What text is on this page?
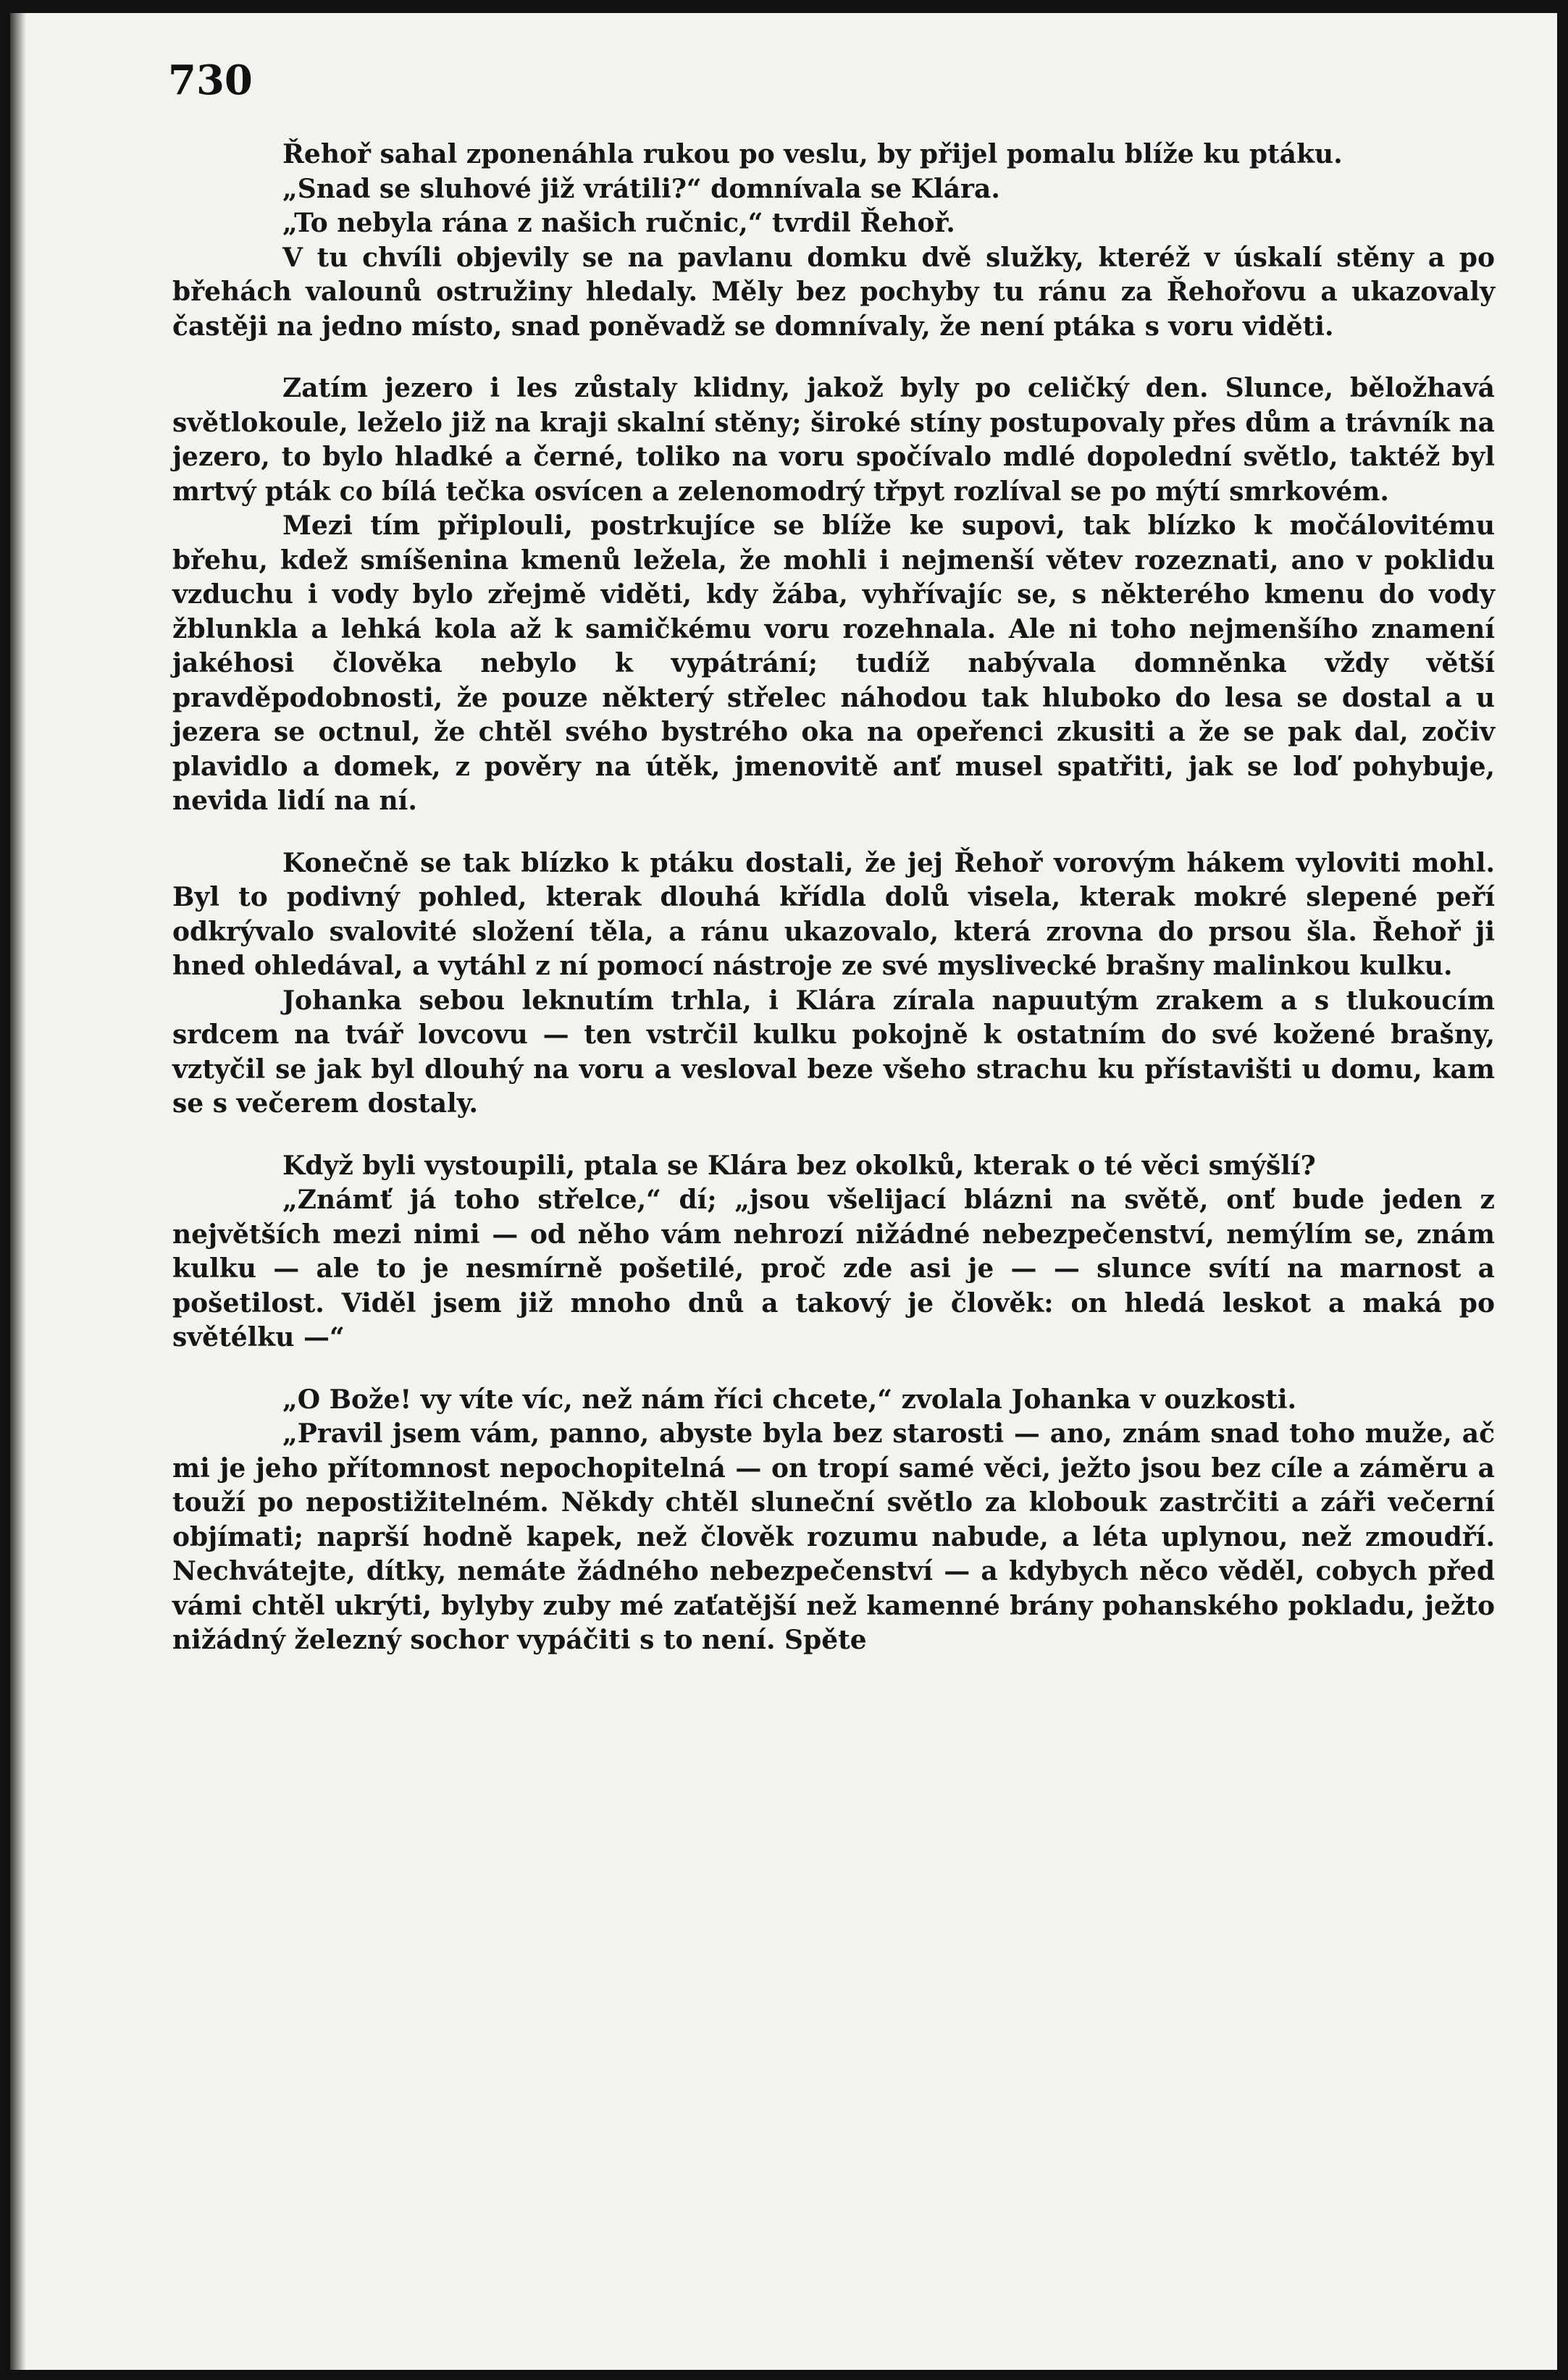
730

Řehoř sahal zponenáhla rukou po veslu, by přijel pomalu blíže ku ptáku.

„Snad se sluhové již vrátili?“ domnívala se Klára.

„To nebyla rána z našich ručnic,“ tvrdil Řehoř.

V tu chvíli objevily se na pavlanu domku dvě služky, kteréž v úskalí stěny a po břehách valounů ostružiny hledaly. Měly bez pochyby tu ránu za Řehořovu a ukazovaly častěji na jedno místo, snad poněvadž se domnívaly, že není ptáka s voru viděti.

Zatím jezero i les zůstaly klidny, jakož byly po celičký den. Slunce, běložhavá světlokoule, leželo již na kraji skalní stěny; široké stíny postupovaly přes dům a trávník na jezero, to bylo hladké a černé, toliko na voru spočívalo mdlé dopolední světlo, taktéž byl mrtvý pták co bílá tečka osvícen a zelenomodrý třpyt rozlíval se po mýtí smrkovém.

Mezi tím připlouli, postrkujíce se blíže ke supovi, tak blízko k močálovitému břehu, kdež smíšenina kmenů ležela, že mohli i nejmenší větev rozeznati, ano v poklidu vzduchu i vody bylo zřejmě viděti, kdy žába, vyhřívajíc se, s některého kmenu do vody žblunkla a lehká kola až k samičkému voru rozehnala. Ale ni toho nejmenšího znamení jakéhosi člověka nebylo k vypátrání; tudíž nabývala domněnka vždy větší pravděpodobnosti, že pouze některý střelec náhodou tak hluboko do lesa se dostal a u jezera se octnul, že chtěl svého bystrého oka na opeřenci zkusiti a že se pak dal, zočiv plavidlo a domek, z pověry na útěk, jmenovitě anť musel spatřiti, jak se loď pohybuje, nevida lidí na ní.

Konečně se tak blízko k ptáku dostali, že jej Řehoř vorovým hákem vyloviti mohl. Byl to podivný pohled, kterak dlouhá křídla dolů visela, kterak mokré slepené peří odkrývalo svalovité složení těla, a ránu ukazovalo, která zrovna do prsou šla. Řehoř ji hned ohledával, a vytáhl z ní pomocí nástroje ze své myslivecké brašny malinkou kulku.

Johanka sebou leknutím trhla, i Klára zírala napuutým zrakem a s tlukoucím srdcem na tvář lovcovu — ten vstrčil kulku pokojně k ostatním do své kožené brašny, vztyčil se jak byl dlouhý na voru a vesloval beze všeho strachu ku přístavišti u domu, kam se s večerem dostaly.

Když byli vystoupili, ptala se Klára bez okolků, kterak o té věci smýšlí?

„Známť já toho střelce,“ dí; „jsou všelijací blázni na světě, onť bude jeden z největších mezi nimi — od něho vám nehrozí nižádné nebezpečenství, nemýlím se, znám kulku — ale to je nesmírně pošetilé, proč zde asi je — — slunce svítí na marnost a pošetilost. Viděl jsem již mnoho dnů a takový je člověk: on hledá leskot a maká po světélku —“

„O Bože! vy víte víc, než nám říci chcete,“ zvolala Johanka v ouzkosti.

„Pravil jsem vám, panno, abyste byla bez starosti — ano, znám snad toho muže, ač mi je jeho přítomnost nepochopitelná — on tropí samé věci, ježto jsou bez cíle a záměru a touží po nepostižitelném. Někdy chtěl sluneční světlo za klobouk zastrčiti a záři večerní objímati; naprší hodně kapek, než člověk rozumu nabude, a léta uplynou, než zmoudří. Nechvátejte, dítky, nemáte žádného nebezpečenství — a kdybych něco věděl, cobych před vámi chtěl ukrýti, bylyby zuby mé zaťatější než kamenné brány pohanského pokladu, ježto nižádný železný sochor vypáčiti s to není. Spěte
